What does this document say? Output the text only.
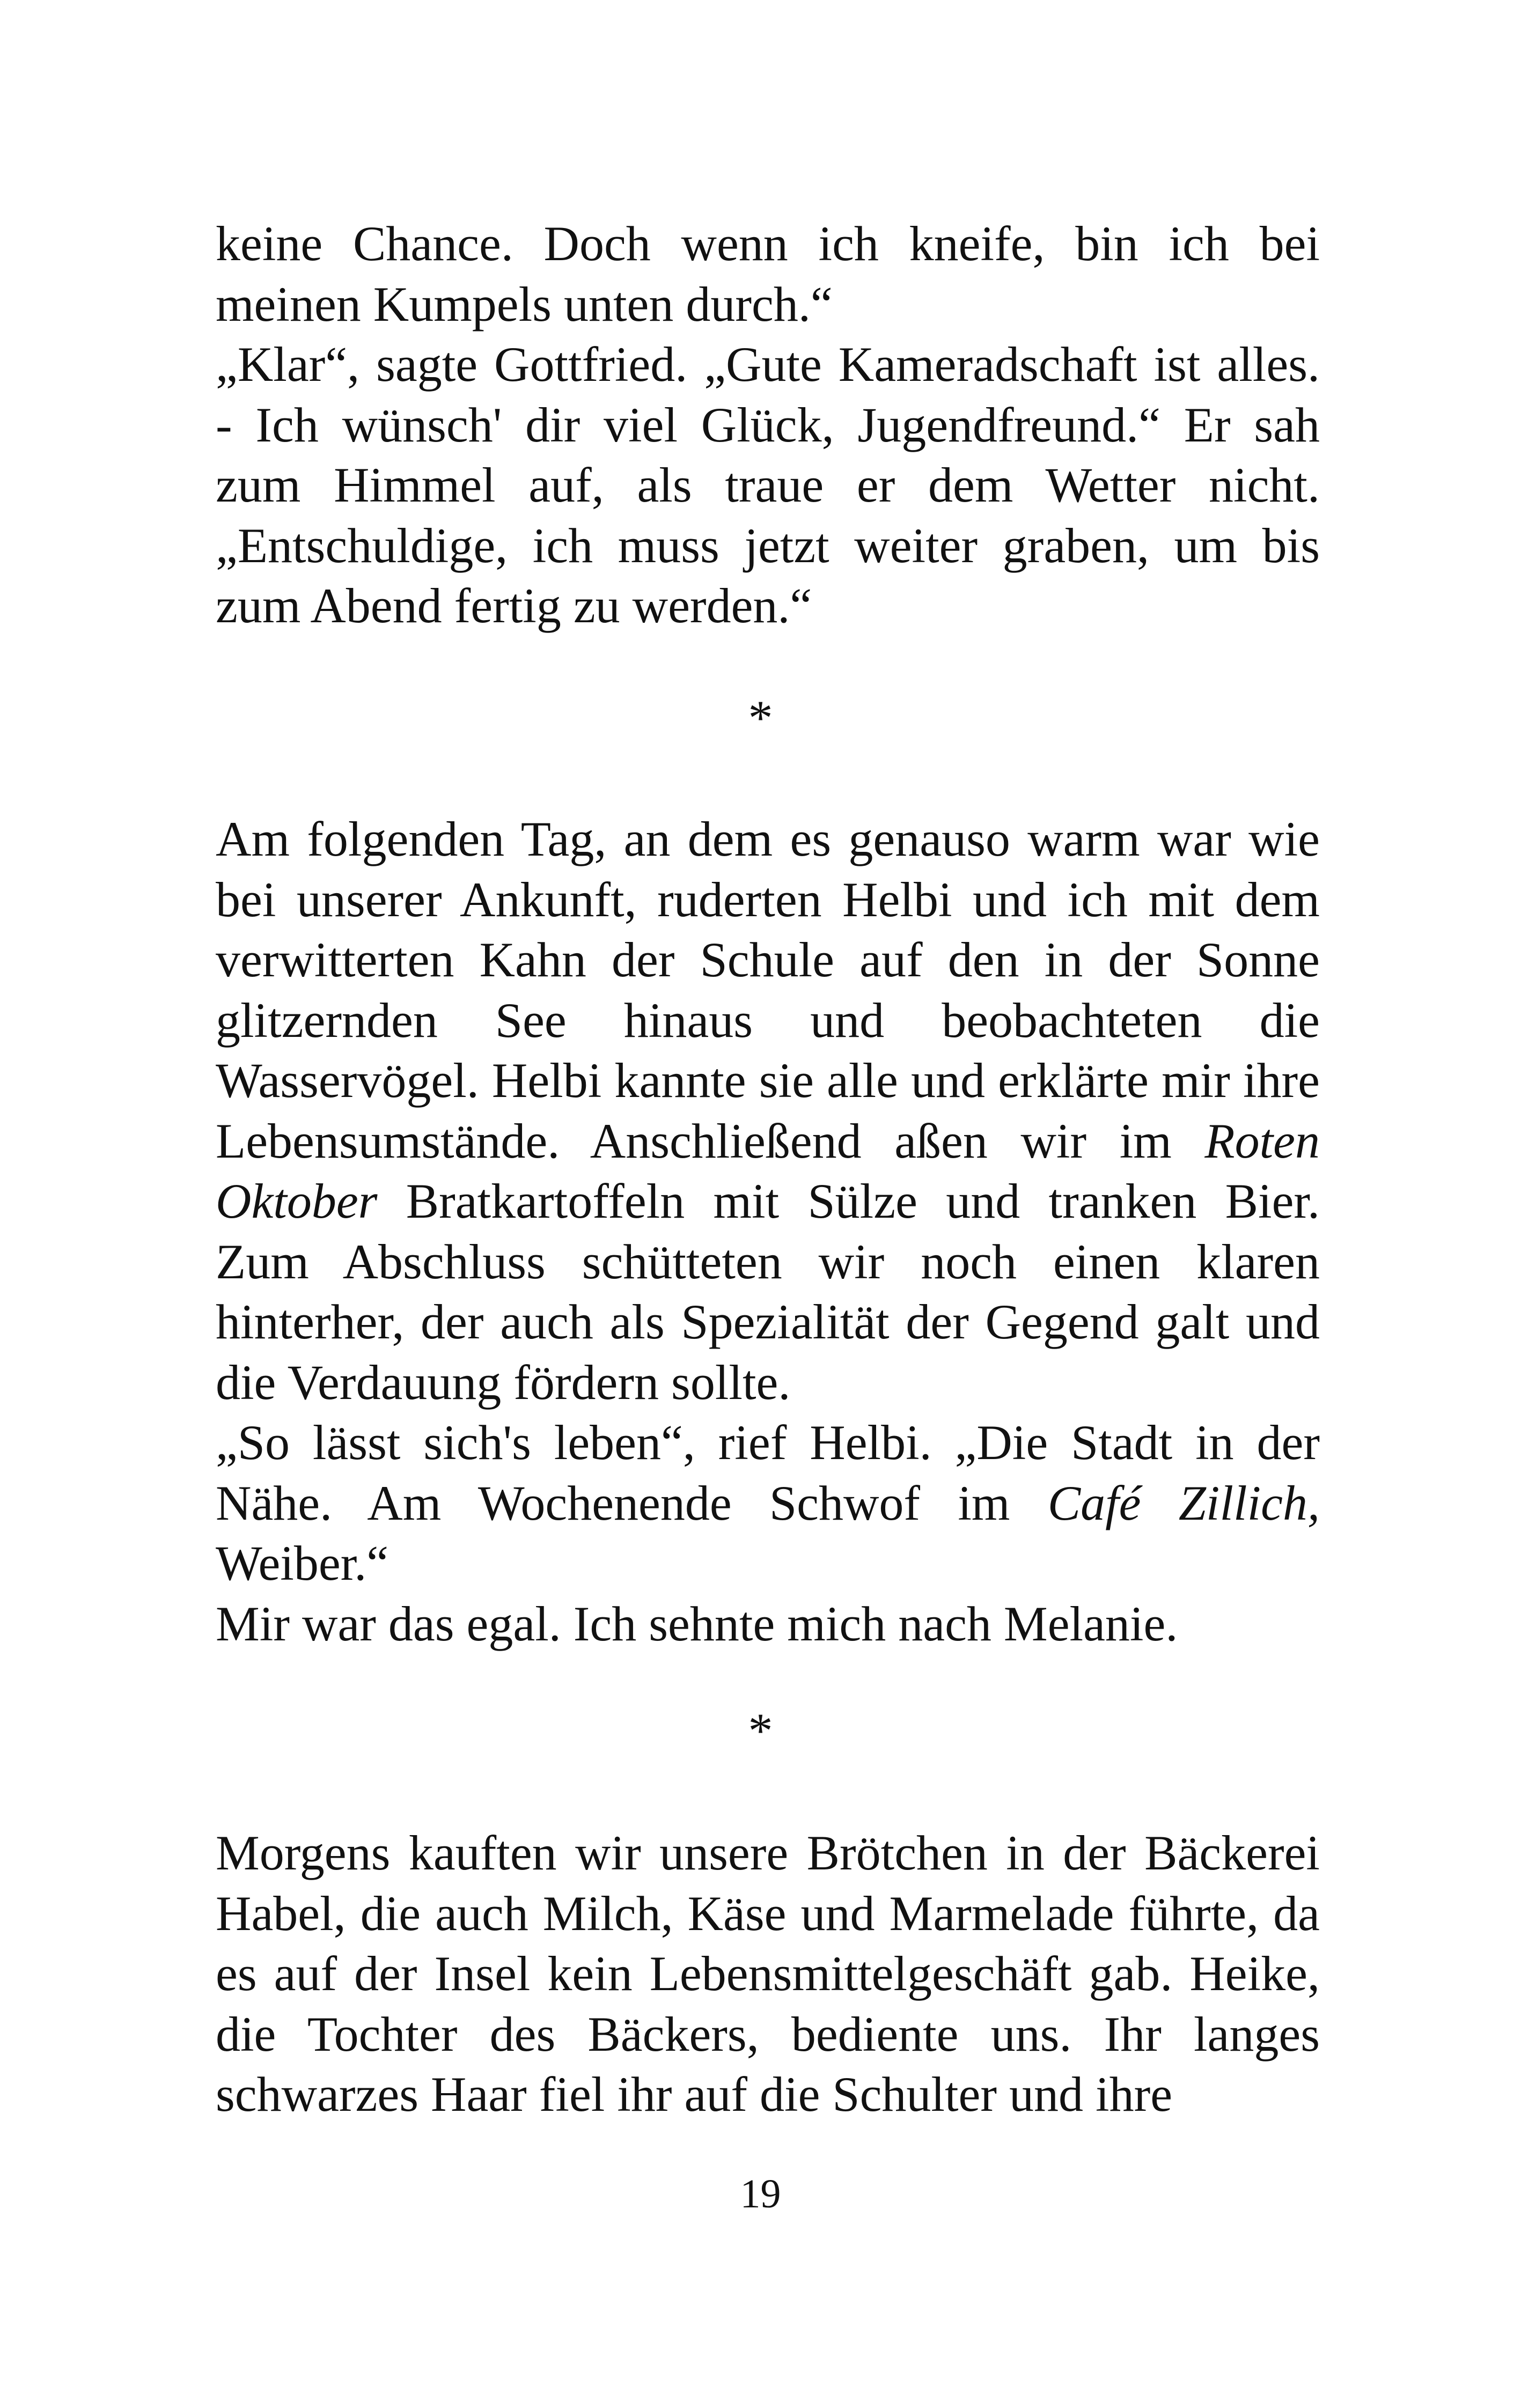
keine Chance. Doch wenn ich kneife, bin ich bei meinen Kumpels unten durch.“

„Klar“, sagte Gottfried. „Gute Kameradschaft ist alles. - Ich wünsch' dir viel Glück, Jugendfreund.“ Er sah zum Himmel auf, als traue er dem Wetter nicht. „Entschuldige, ich muss jetzt weiter graben, um bis zum Abend fertig zu werden.“

*

Am folgenden Tag, an dem es genauso warm war wie bei unserer Ankunft, ruderten Helbi und ich mit dem verwitterten Kahn der Schule auf den in der Sonne glitzernden See hinaus und beobachteten die Wasservögel. Helbi kannte sie alle und erklärte mir ihre Lebensumstände. Anschließend aßen wir im Roten Oktober Bratkartoffeln mit Sülze und tranken Bier. Zum Abschluss schütteten wir noch einen klaren hinterher, der auch als Spezialität der Gegend galt und die Verdauung fördern sollte.

„So lässt sich's leben“, rief Helbi. „Die Stadt in der Nähe. Am Wochenende Schwof im Café Zillich, Weiber.“

Mir war das egal. Ich sehnte mich nach Melanie.

*

Morgens kauften wir unsere Brötchen in der Bäckerei Habel, die auch Milch, Käse und Marmelade führte, da es auf der Insel kein Lebensmittelgeschäft gab. Heike, die Tochter des Bäckers, bediente uns. Ihr langes schwarzes Haar fiel ihr auf die Schulter und ihre

19
